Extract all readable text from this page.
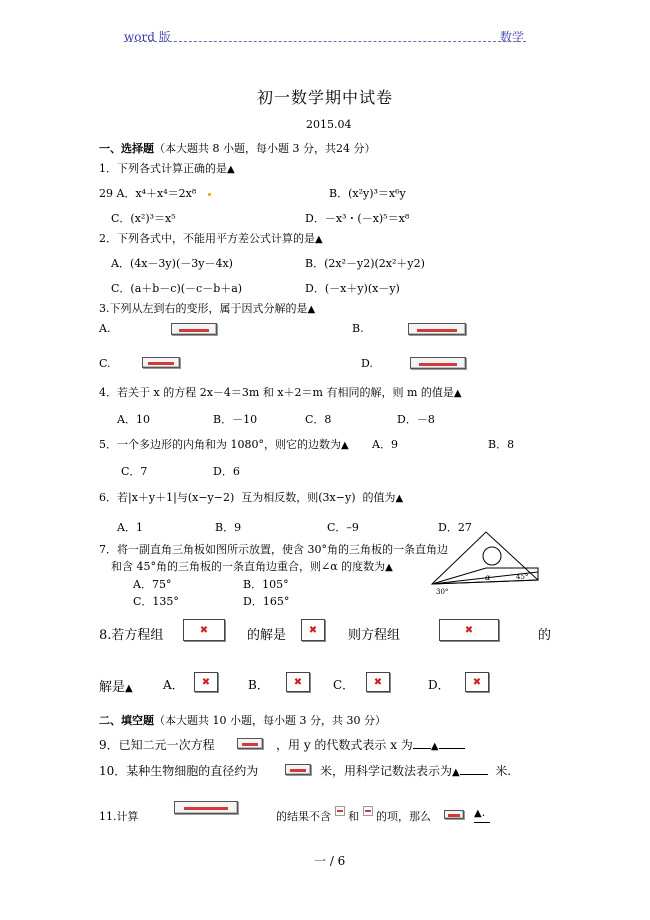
word 版	数学
初一数学期中试卷
2015.04
一、选择题（本大题共 8 小题，每小题 3 分，共24 分）
1．下列各式计算正确的是▲
29 A．x⁴＋x⁴＝2x⁸	B．(x²y)³＝x⁶y
C．(x²)³＝x⁵	D．－x³・(－x)⁵＝x⁸
2．下列各式中，不能用平方差公式计算的是▲
A．(4x－3y)(－3y－4x)	B．(2x²－y2)(2x²＋y2)
C．(a＋b－c)(－c－b＋a)	D．(－x＋y)(x－y)
3.下列从左到右的变形，属于因式分解的是▲
A.	B.
C.	D.
4．若关于 x 的方程 2x－4＝3m 和 x＋2＝m 有相同的解，则 m 的值是▲
A．10	B．－10	C．8	D．－8
5．一个多边形的内角和为 1080°，则它的边数为▲ A．9	B．8
C．7	D．6
6．若|x＋y＋1|与(x−y−2) 互为相反数，则(3x−y) 的值为▲
A．1	B．9	C．–9	D．27
7．将一副直角三角板如图所示放置，使含 30°角的三角板的一条直角边
和含 45°角的三角板的一条直角边重合，则∠α 的度数为▲
A．75°	B．105°
C．135°	D．165°
α	45°
30°
8.若方程组	✖	的解是	✖	则方程组	✖	的
解是▲	A．	✖	B．	✖	C．	✖	D．	✖
二、填空题（本大题共 10 小题，每小题 3 分，共 30 分）
9．已知二元一次方程	，用 y 的代数式表示 x 为 ▲
10．某种生物细胞的直径约为	米，用科学记数法表示为▲	米.
11.计算	的结果不含 和 的项，那么	▲.
一 / 6
